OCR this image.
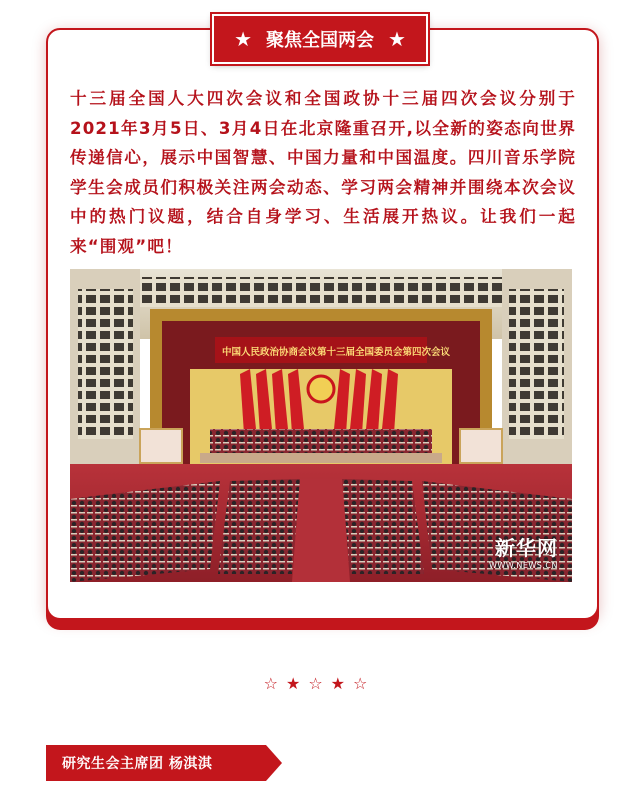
★ 聚焦全国两会 ★

十三届全国人大四次会议和全国政协十三届四次会议分别于2021年3月5日、3月4日在北京隆重召开,以全新的姿态向世界传递信心，展示中国智慧、中国力量和中国温度。四川音乐学院学生会成员们积极关注两会动态、学习两会精神并围绕本次会议中的热门议题，结合自身学习、生活展开热议。让我们一起来“围观”吧！

中国人民政治协商会议第十三届全国委员会第四次会议
新华网
WWW.NEWS.CN
☆★☆★☆
研究生会主席团 杨淇淇
